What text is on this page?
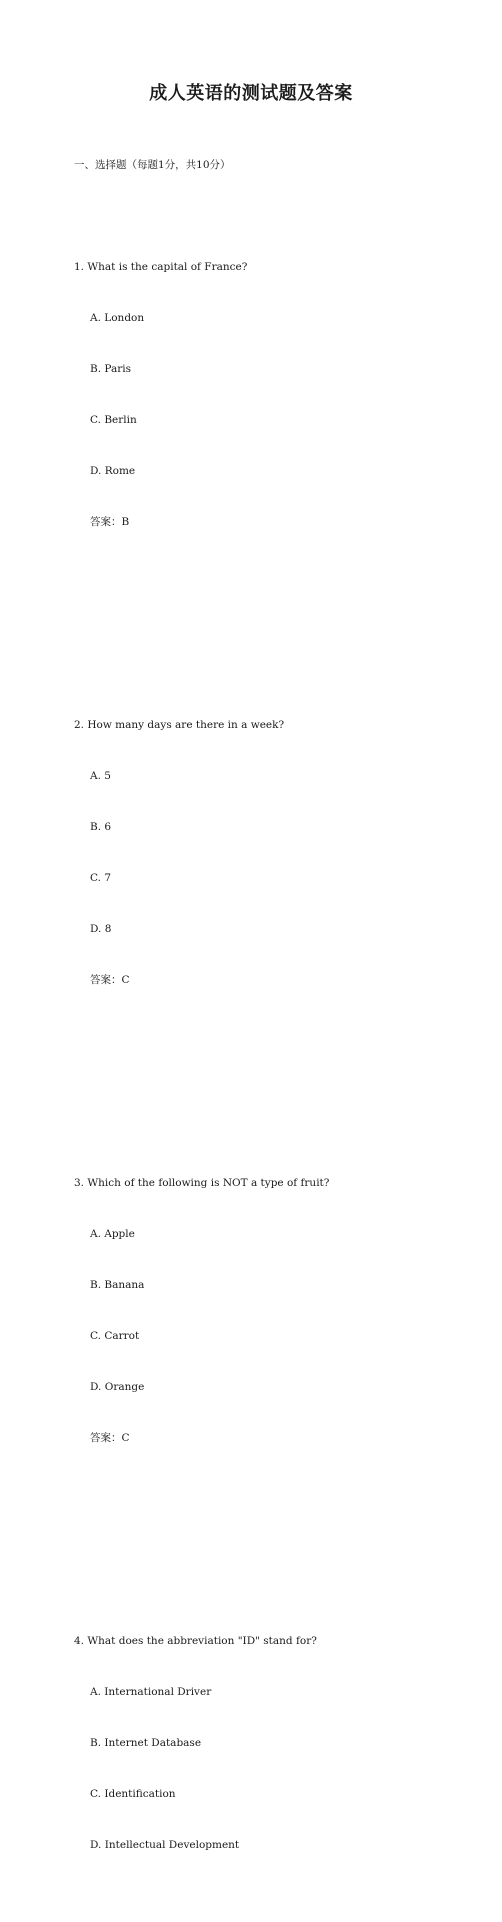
成人英语的测试题及答案

一、选择题（每题1分，共10分）

1. What is the capital of France?

A. London

B. Paris

C. Berlin

D. Rome

答案：B

2. How many days are there in a week?

A. 5

B. 6

C. 7

D. 8

答案：C

3. Which of the following is NOT a type of fruit?

A. Apple

B. Banana

C. Carrot

D. Orange

答案：C

4. What does the abbreviation "ID" stand for?

A. International Driver

B. Internet Database

C. Identification

D. Intellectual Development
